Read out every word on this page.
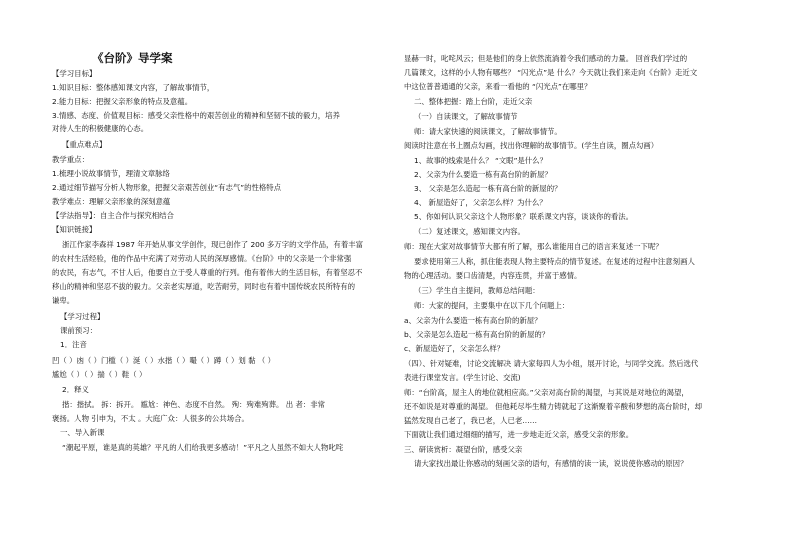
《台阶》导学案
【学习目标】
1.知识目标：整体感知课文内容，了解故事情节，
2.能力目标：把握父亲形象的特点及意蕴。
3.情感、态度、价值观目标：感受父亲性格中的艰苦创业的精神和坚韧不拔的毅力，培养
对待人生的积极健康的心态。
【重点难点】
教学重点：
1.梳理小说故事情节，理清文章脉络
2.通过细节描写分析人物形象，把握父亲艰苦创业“有志气”的性格特点
教学难点：理解父亲形象的深刻意蕴
【学法指导】：自主合作与探究相结合
【知识链接】
浙江作家李森祥 1987 年开始从事文学创作，现已创作了 200 多万字的文学作品，有着丰富
的农村生活经验，他的作品中充满了对劳动人民的深厚感情。《台阶》中的父亲是一个非常强
的农民，有志气，不甘人后，他要自立于受人尊重的行列。他有着伟大的生活目标，有着坚忍不
移山的精神和坚忍不拔的毅力。父亲老实厚道，吃苦耐劳，同时也有着中国传统农民所特有的
谦卑。
【学习过程】
课前预习：
1．注音
凹（ ）凼（ ）门槛（ ）涎（ ）水揩（ ）嘬（ ）蹲（ ）划 黏 （ ）
尴尬（ ）（ ）揣（ ）鞋（ ）
2．释义
揩：揩拭。 拆：拆开。 尴尬：神色、态度不自然。 殉：殉难殉葬。 出 者：非常
褒扬。人物 引申为，不太 。大庭广众：人很多的公共场合。
一、导入新课
“潮起平原，谁是真的英雄？平凡的人们给我更多感动！”平凡之人虽然不如大人物叱咤
显赫一时，叱咤风云；但是他们的身上依然流淌着令我们感动的力量。 回首我们学过的
几篇课文，这样的小人物有哪些？ “闪光点”是 什么？今天就让我们来走向《台阶》走近文
中这位普普通通的父亲，来看一看他的 “闪光点”在哪里？
二、整体把握：踏上台阶，走近父亲
（一）自读课文，了解故事情节
师：请大家快速的阅读课文，了解故事情节。
阅读时注意在书上圈点勾画，找出你理解的故事情节。(学生自读，圈点勾画）
1、故事的线索是什么？ “文眼”是什么？
2、父亲为什么要造一栋有高台阶的新屋？
3、 父亲是怎么造起一栋有高台阶的新屋的？
4、 新屋造好了，父亲怎么样？为什么？
5、你如何认识父亲这个人物形象？联系课文内容，谈谈你的看法。
（二）复述课文，感知课文内容。
师：现在大家对故事情节大都有所了解，那么谁能用自己的语言来复述一下呢？
要求使用第三人称，抓住能表现人物主要特点的情节复述。在复述的过程中注意刻画人
物的心理活动。要口齿清楚，内容连贯，并富于感情。
（三）学生自主提问，教师总结问题：
师：大家的提问，主要集中在以下几个问题上：
a、父亲为什么要造一栋有高台阶的新屋？
b、父亲是怎么造起一栋有高台阶的新屋的？
c、新屋造好了，父亲怎么样？
（四）、针对疑难，讨论交流解决 请大家每四人为小组，展开讨论，与同学交流。然后选代
表进行课堂发言。(学生讨论、交流)
师：“台阶高，屋主人的地位就相应高。”父亲对高台阶的渴望，与其说是对地位的渴望，
还不如说是对尊重的渴望。 但他耗尽毕生精力铸就起了这渐聚着辛酸和梦想的高台阶时，却
猛然发现自己老了，我已老，人已老……
下面就让我们通过细细的描写，进一步地走近父亲，感受父亲的形象。
三、研读赏析：凝望台阶，感受父亲
请大家找出最让你感动的刻画父亲的语句，有感情的读一读，说说使你感动的原因？
